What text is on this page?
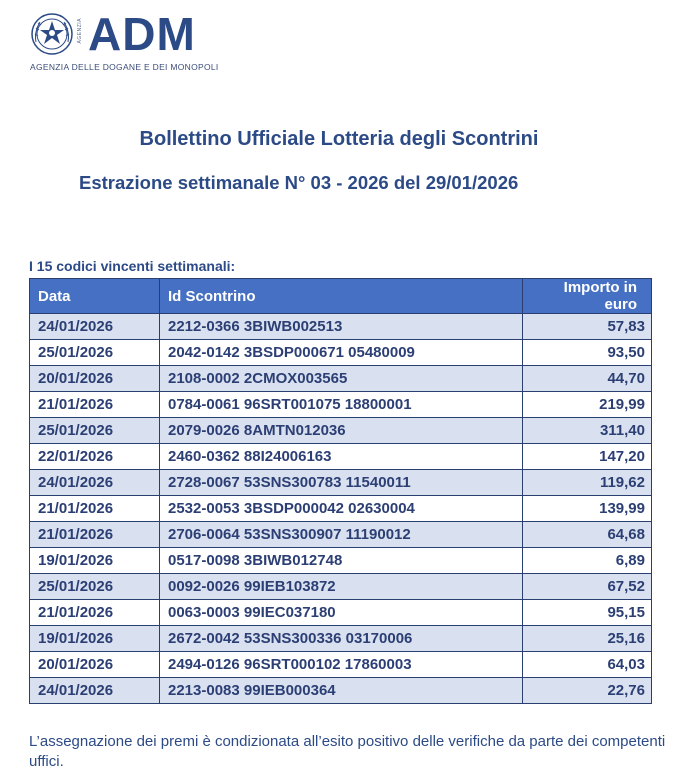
AGENZIA ADM
AGENZIA DELLE DOGANE E DEI MONOPOLI
Bollettino Ufficiale Lotteria degli Scontrini
Estrazione settimanale N° 03 - 2026 del 29/01/2026
I 15 codici vincenti settimanali:
Data	Id Scontrino	Importo in euro
24/01/2026	2212-0366 3BIWB002513	57,83
25/01/2026	2042-0142 3BSDP000671 05480009	93,50
20/01/2026	2108-0002 2CMOX003565	44,70
21/01/2026	0784-0061 96SRT001075 18800001	219,99
25/01/2026	2079-0026 8AMTN012036	311,40
22/01/2026	2460-0362 88I24006163	147,20
24/01/2026	2728-0067 53SNS300783 11540011	119,62
21/01/2026	2532-0053 3BSDP000042 02630004	139,99
21/01/2026	2706-0064 53SNS300907 11190012	64,68
19/01/2026	0517-0098 3BIWB012748	6,89
25/01/2026	0092-0026 99IEB103872	67,52
21/01/2026	0063-0003 99IEC037180	95,15
19/01/2026	2672-0042 53SNS300336 03170006	25,16
20/01/2026	2494-0126 96SRT000102 17860003	64,03
24/01/2026	2213-0083 99IEB000364	22,76
L’assegnazione dei premi è condizionata all’esito positivo delle verifiche da parte dei competenti uffici.
